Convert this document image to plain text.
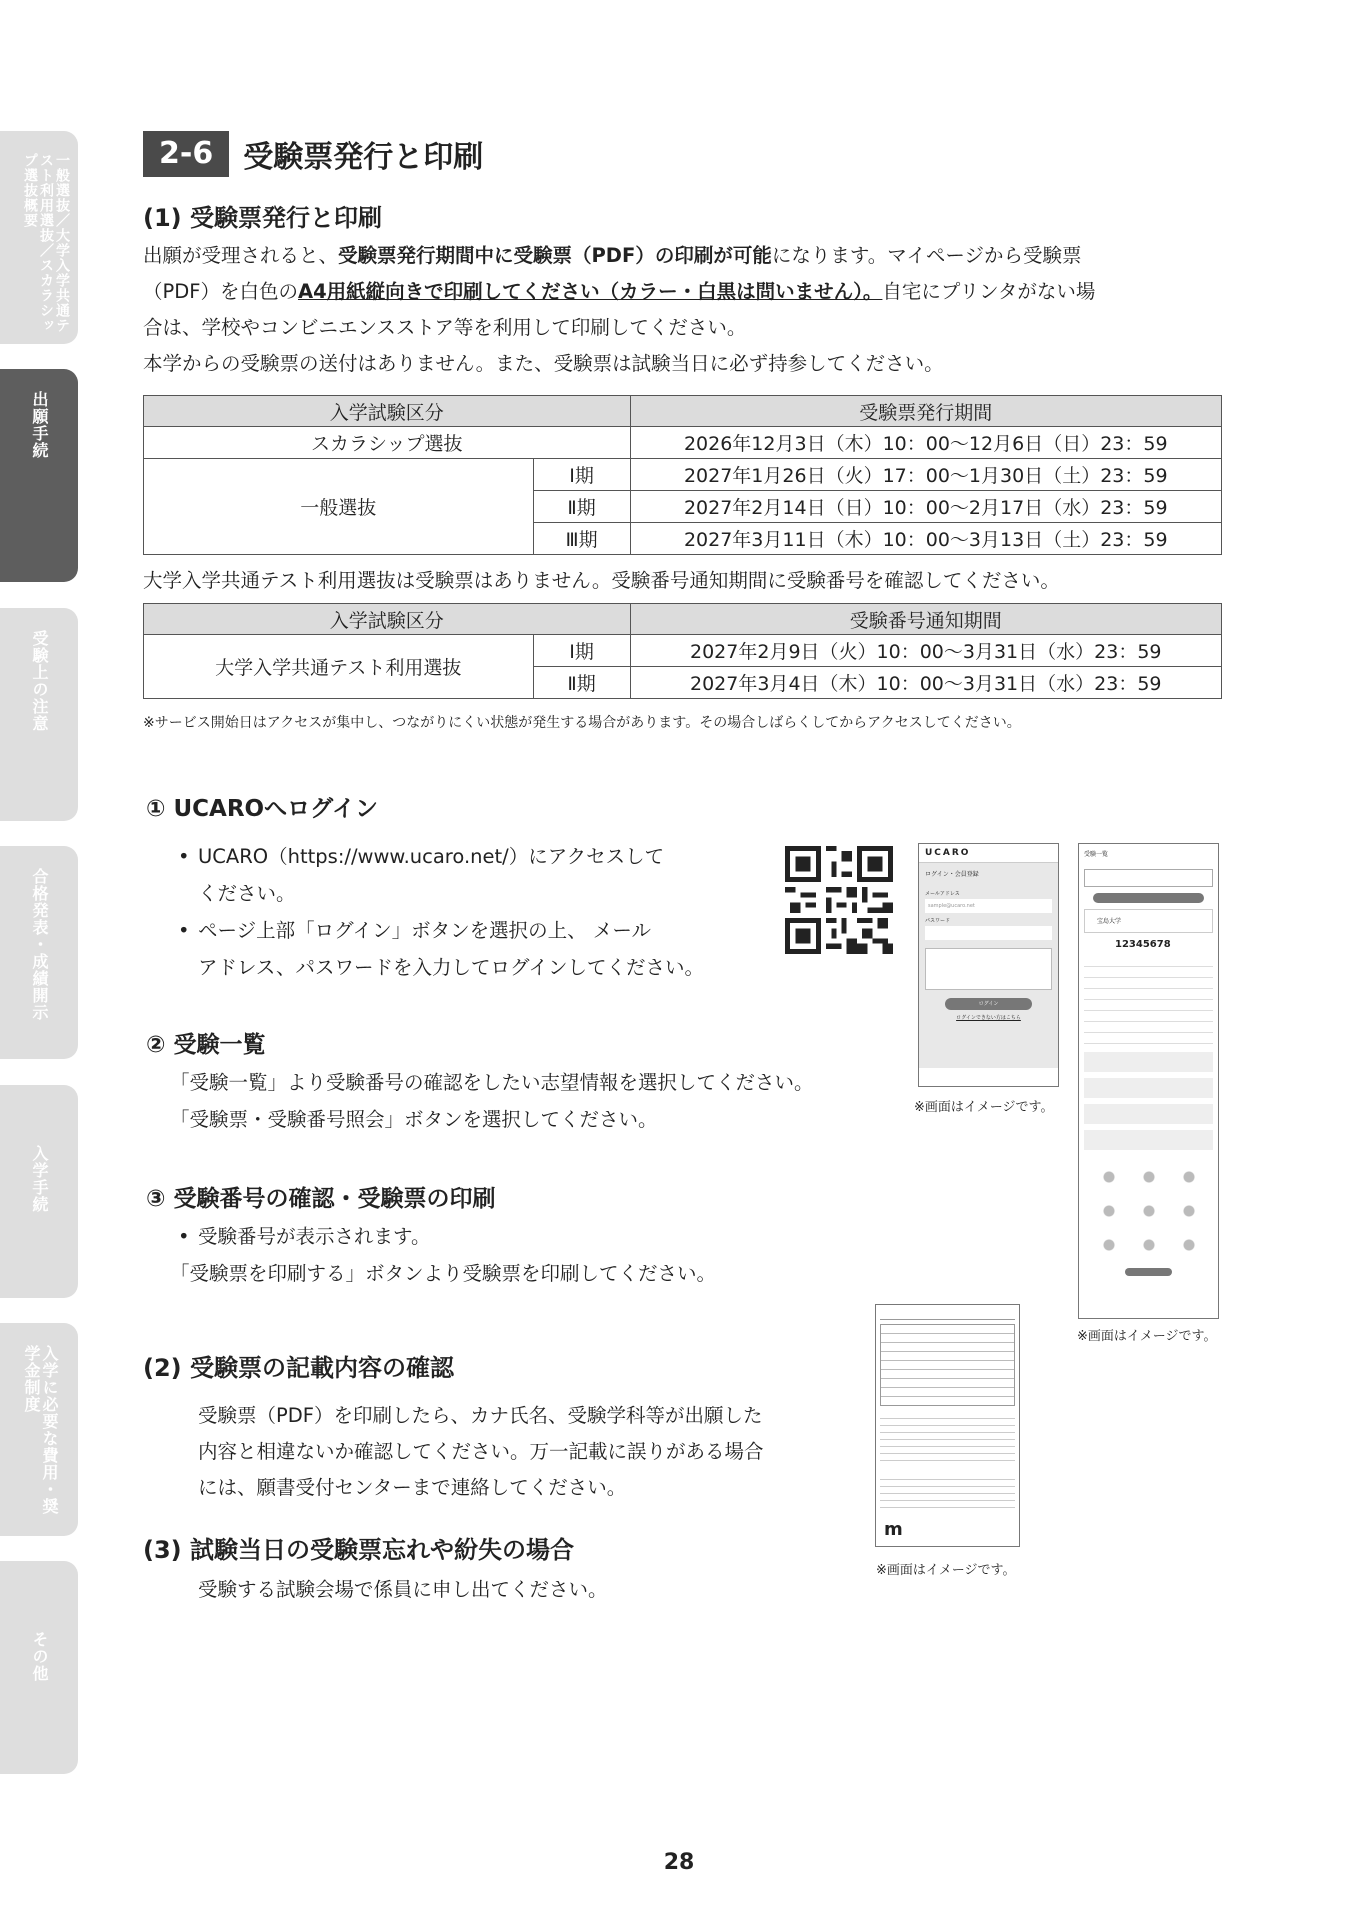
一般選抜／大学入学共通テスト利用選抜／スカラシップ選抜概要
出願手続
受験上の注意
合格発表・成績開示
入学手続
入学に必要な費用・奨学金制度
その他
2-6	受験票発行と印刷
(1) 受験票発行と印刷

出願が受理されると、受験票発行期間中に受験票（PDF）の印刷が可能になります。マイページから受験票

（PDF）を白色のA4用紙縦向きで印刷してください（カラー・白黒は問いません）。自宅にプリンタがない場

合は、学校やコンビニエンスストア等を利用して印刷してください。

本学からの受験票の送付はありません。また、受験票は試験当日に必ず持参してください。

入学試験区分		受験票発行期間
スカラシップ選抜		2026年12月3日（木）10：00～12月6日（日）23：59
一般選抜	Ⅰ期	2027年1月26日（火）17：00～1月30日（土）23：59
	Ⅱ期	2027年2月14日（日）10：00～2月17日（水）23：59
	Ⅲ期	2027年3月11日（木）10：00～3月13日（土）23：59
大学入学共通テスト利用選抜は受験票はありません。受験番号通知期間に受験番号を確認してください。
入学試験区分		受験番号通知期間
大学入学共通テスト利用選抜	Ⅰ期	2027年2月9日（火）10：00～3月31日（水）23：59
	Ⅱ期	2027年3月4日（木）10：00～3月31日（水）23：59
※サービス開始日はアクセスが集中し、つながりにくい状態が発生する場合があります。その場合しばらくしてからアクセスしてください。
① UCAROへログイン
• UCARO（https://www.ucaro.net/）にアクセスして
ください。
• ページ上部「ログイン」ボタンを選択の上、 メール
アドレス、パスワードを入力してログインしてください。
UCARO
ログイン・会員登録
メールアドレス
sample@ucaro.net
パスワード
ログイン
ログインできない方はこちら
※画面はイメージです。
受験一覧
宝島大学
12345678
※画面はイメージです。
② 受験一覧
「受験一覧」より受験番号の確認をしたい志望情報を選択してください。
「受験票・受験番号照会」ボタンを選択してください。
③ 受験番号の確認・受験票の印刷
• 受験番号が表示されます。
「受験票を印刷する」ボタンより受験票を印刷してください。
m
※画面はイメージです。
(2) 受験票の記載内容の確認

受験票（PDF）を印刷したら、カナ氏名、受験学科等が出願した

内容と相違ないか確認してください。万一記載に誤りがある場合

には、願書受付センターまで連絡してください。

(3) 試験当日の受験票忘れや紛失の場合
受験する試験会場で係員に申し出てください。
28
